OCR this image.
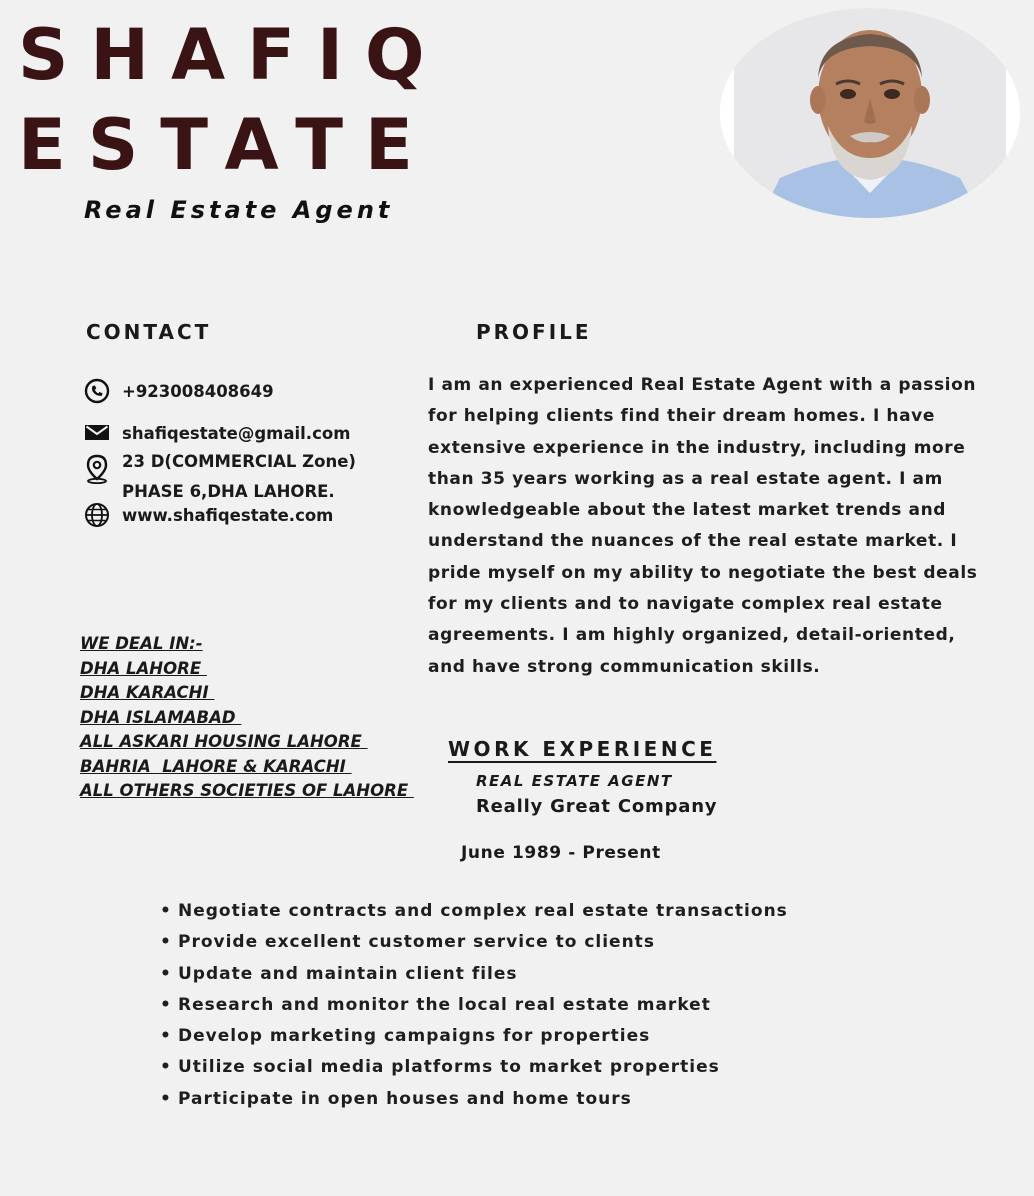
SHAFIQ
ESTATE
Real Estate Agent
CONTACT
+923008408649
shafiqestate@gmail.com
23 D(COMMERCIAL Zone)
PHASE 6,DHA LAHORE.
www.shafiqestate.com
PROFILE
I am an experienced Real Estate Agent with a passion
for helping clients find their dream homes. I have
extensive experience in the industry, including more
than 35 years working as a real estate agent. I am
knowledgeable about the latest market trends and
understand the nuances of the real estate market. I
pride myself on my ability to negotiate the best deals
for my clients and to navigate complex real estate
agreements. I am highly organized, detail-oriented,
and have strong communication skills.
WE DEAL IN:-
DHA LAHORE
DHA KARACHI
DHA ISLAMABAD
ALL ASKARI HOUSING LAHORE
BAHRIA  LAHORE & KARACHI
ALL OTHERS SOCIETIES OF LAHORE
WORK EXPERIENCE
REAL ESTATE AGENT
Really Great Company
June 1989 - Present
• Negotiate contracts and complex real estate transactions
• Provide excellent customer service to clients
• Update and maintain client files
• Research and monitor the local real estate market
• Develop marketing campaigns for properties
• Utilize social media platforms to market properties
• Participate in open houses and home tours
